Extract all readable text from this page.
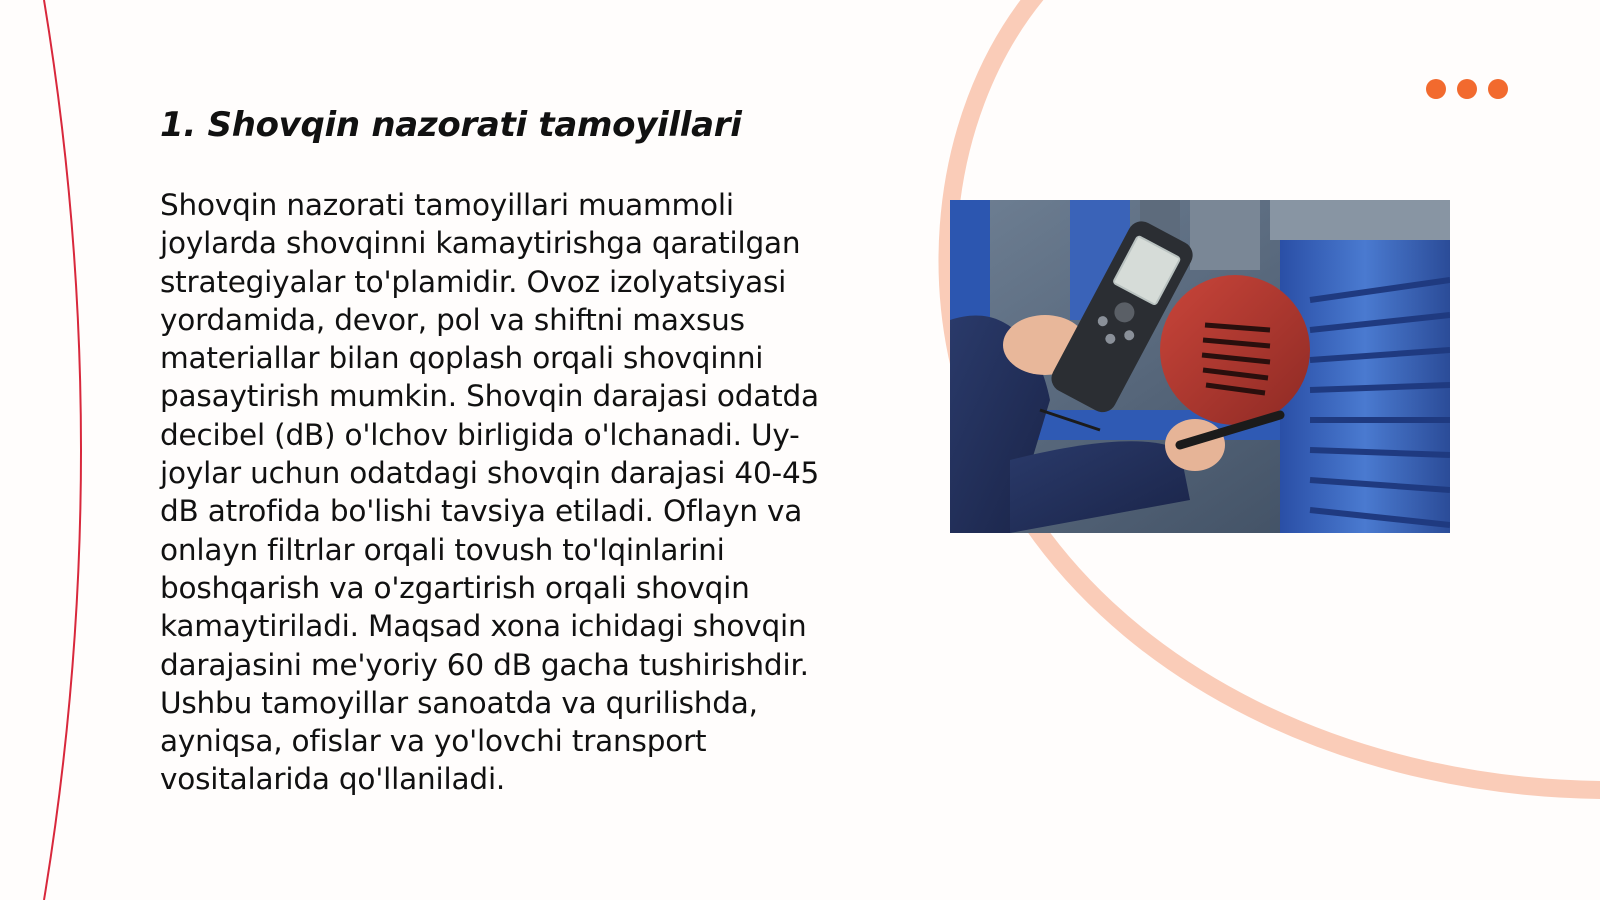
1. Shovqin nazorati tamoyillari

Shovqin nazorati tamoyillari muammoli joylarda shovqinni kamaytirishga qaratilgan strategiyalar to'plamidir. Ovoz izolyatsiyasi yordamida, devor, pol va shiftni maxsus materiallar bilan qoplash orqali shovqinni pasaytirish mumkin. Shovqin darajasi odatda decibel (dB) o'lchov birligida o'lchanadi. Uy-joylar uchun odatdagi shovqin darajasi 40-45 dB atrofida bo'lishi tavsiya etiladi. Oflayn va onlayn filtrlar orqali tovush to'lqinlarini boshqarish va o'zgartirish orqali shovqin kamaytiriladi. Maqsad xona ichidagi shovqin darajasini me'yoriy 60 dB gacha tushirishdir. Ushbu tamoyillar sanoatda va qurilishda, ayniqsa, ofislar va yo'lovchi transport vositalarida qo'llaniladi.
